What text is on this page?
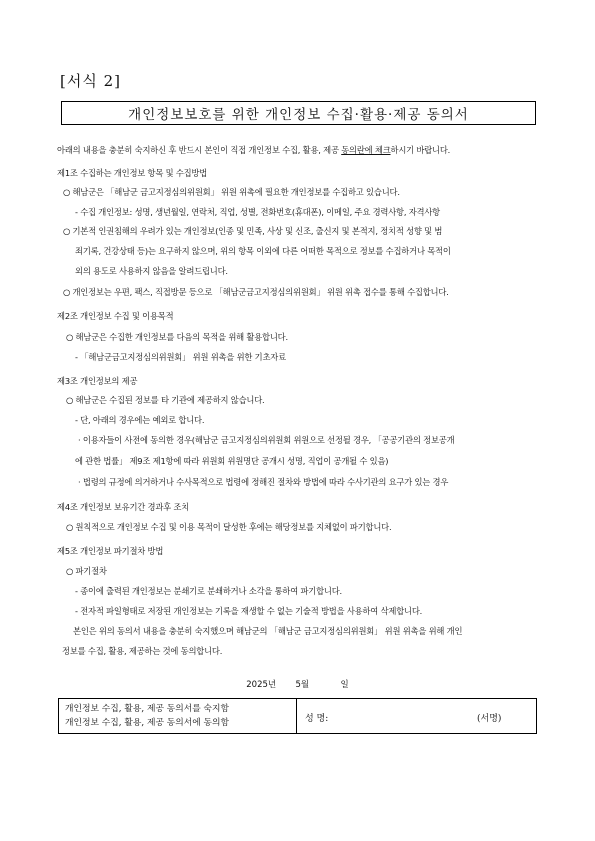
[서식 2]
개인정보보호를 위한 개인정보 수집·활용·제공 동의서
아래의 내용을 충분히 숙지하신 후 반드시 본인이 직접 개인정보 수집, 활용, 제공 동의란에 체크하시기 바랍니다.
제1조 수집하는 개인정보 항목 및 수집방법
○ 해남군은 「해남군 금고지정심의위원회」 위원 위촉에 필요한 개인정보를 수집하고 있습니다.
- 수집 개인정보: 성명, 생년월일, 연락처, 직업, 성별, 전화번호(휴대폰), 이메일, 주요 경력사항, 자격사항
○ 기본적 인권침해의 우려가 있는 개인정보(인종 및 민족, 사상 및 신조, 출신지 및 본적지, 정치적 성향 및 범
죄기록, 건강상태 등)는 요구하지 않으며, 위의 항목 이외에 다른 어떠한 목적으로 정보를 수집하거나 목적이
외의 용도로 사용하지 않음을 알려드립니다.
○ 개인정보는 우편, 팩스, 직접방문 등으로 「해남군금고지정심의위원회」 위원 위촉 접수를 통해 수집합니다.
제2조 개인정보 수집 및 이용목적
○ 해남군은 수집한 개인정보를 다음의 목적을 위해 활용합니다.
- 「해남군금고지정심의위원회」 위원 위촉을 위한 기초자료
제3조 개인정보의 제공
○ 해남군은 수집된 정보를 타 기관에 제공하지 않습니다.
- 단, 아래의 경우에는 예외로 합니다.
· 이용자들이 사전에 동의한 경우(해남군 금고지정심의위원회 위원으로 선정될 경우, 「공공기관의 정보공개
에 관한 법률」 제9조 제1항에 따라 위원회 위원명단 공개시 성명, 직업이 공개될 수 있음)
· 법령의 규정에 의거하거나 수사목적으로 법령에 정해진 절차와 방법에 따라 수사기관의 요구가 있는 경우
제4조 개인정보 보유기간 경과후 조치
○ 원칙적으로 개인정보 수집 및 이용 목적이 달성한 후에는 해당정보를 지체없이 파기합니다.
제5조 개인정보 파기절차 방법
○ 파기절차
- 종이에 출력된 개인정보는 분쇄기로 분쇄하거나 소각을 통하여 파기합니다.
- 전자적 파일형태로 저장된 개인정보는 기록을 재생할 수 없는 기술적 방법을 사용하여 삭제합니다.
본인은 위의 동의서 내용을 충분히 숙지했으며 해남군의 「해남군 금고지정심의위원회」 위원 위촉을 위해 개인
정보를 수집, 활용, 제공하는 것에 동의합니다.
2025년 5월	일
개인정보 수집, 활용, 제공 동의서를 숙지함
개인정보 수집, 활용, 제공 동의서에 동의함	성 명:	(서명)
